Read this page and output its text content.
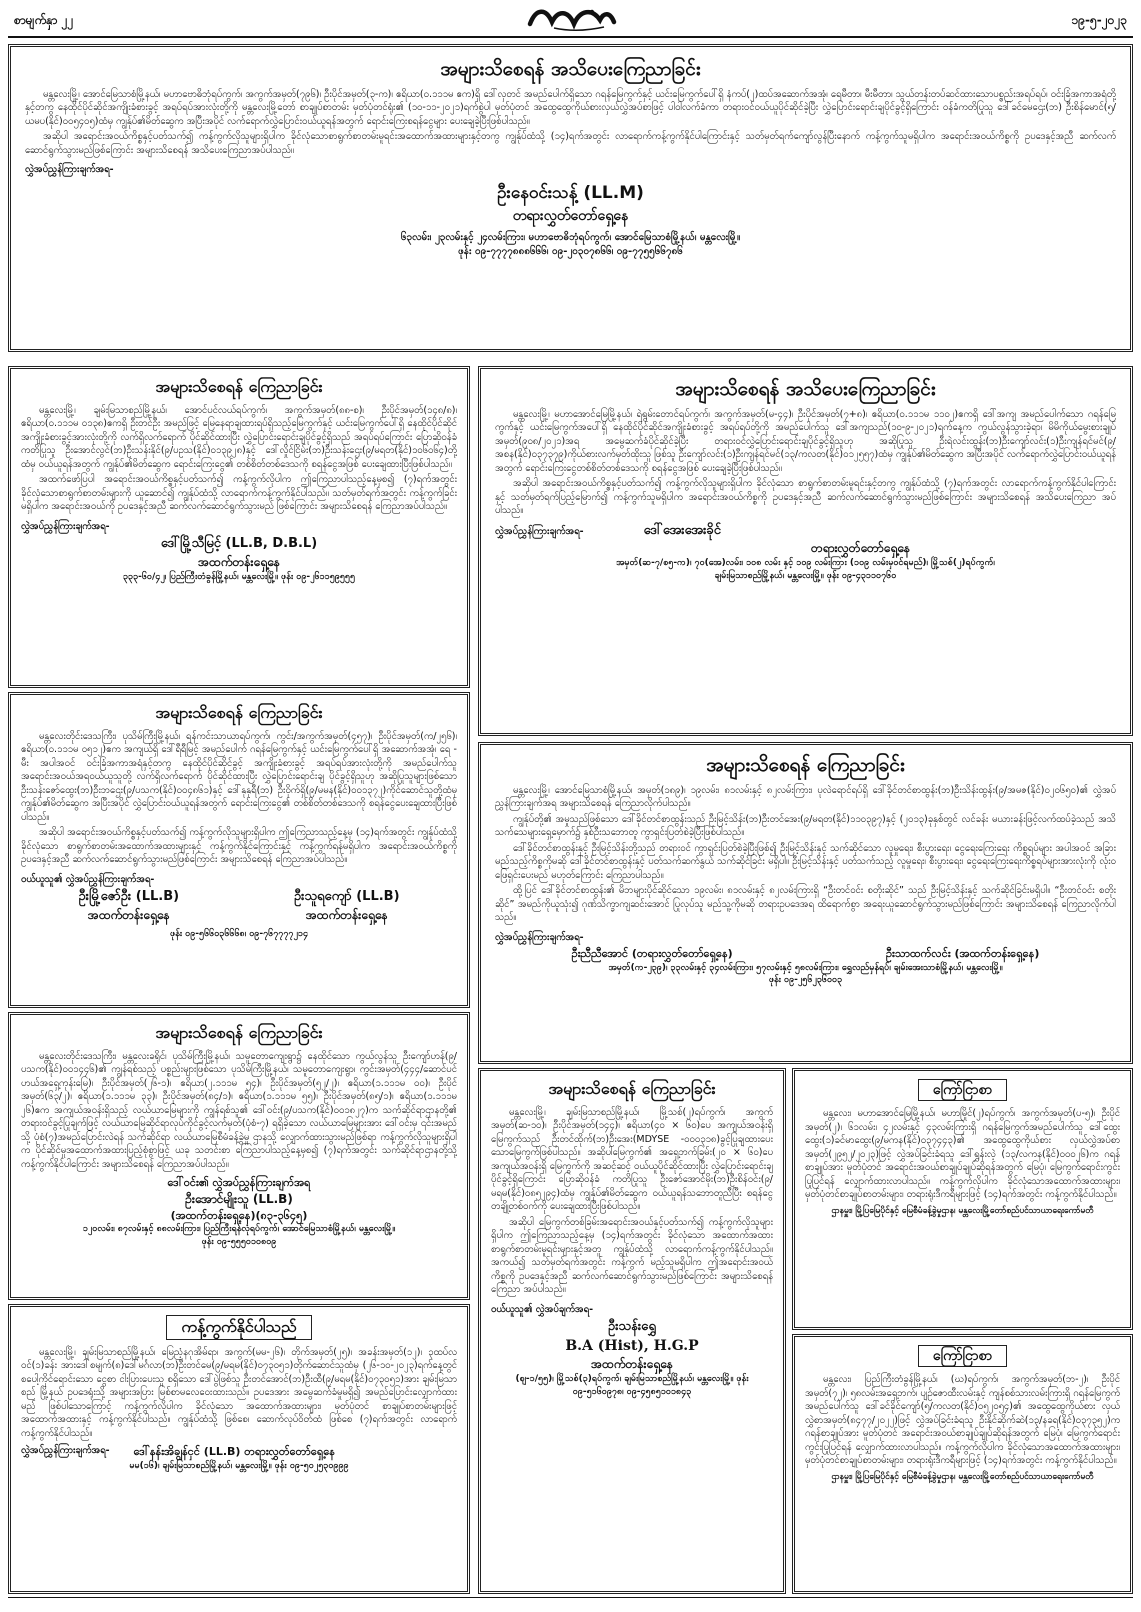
စာမျက်နှာ ၂၂	၁၉-၅-၂၀၂၃
အများသိစေရန် အသိပေးကြေညာခြင်း

မန္တလေးမြို့၊ အောင်မြေသာစံမြို့နယ်၊ မဟာဗောဓိဘုံရပ်ကွက်၊ အကွက်အမှတ်(၇၉၆)၊ ဦးပိုင်အမှတ်(၃-က)၊ ဧရိယာ(၀.၁၁၁မ ဧက)ရှိ ဒေါ်လှတင် အမည်ပေါက်ရှိသော ဂရန်မြေကွက်နှင့် ယင်းမြေကွက်ပေါ်ရှိ နံကပ်(၂)ထပ်အဆောက်အအုံ၊ ရေမီတာ၊ မီးမီတာ၊ သွယ်တန်းတပ်ဆင်ထားသောပစ္စည်းအရပ်ရပ်၊ ဝင်းခြံအကာအရံတို့နှင့်တကွ နေထိုင်ပိုင်ဆိုင်အကျိုးခံစားခွင့် အရပ်ရပ်အားလုံးတို့ကို မန္တလေးမြို့တော် စာချုပ်စာတမ်း မှတ်ပုံတင်ရုံး၏ (၁၀-၁၁-၂၀၂၁)ရက်စွဲပါ မှတ်ပုံတင် အထွေထွေကိုယ်စားလှယ်လွှဲအပ်စာဖြင့် ပါဝါလက်ခံကာ တရားဝင်ဝယ်ယူပိုင်ဆိုင်ခဲ့ပြီး လွှဲပြောင်းရောင်းချပိုင်ခွင့်ရှိကြောင်း ဝန်ခံကတိပြုသူ ဒေါ်ခင်မေဌေး(ဘ) ဦးစိန်မောင်(၅/ယမပ(နိုင်)၀၀၅၄၀၅)ထံမှ ကျွန်ုပ်၏မိတ်ဆွေက အပြီးအပိုင် လက်ရောက်လွှဲပြောင်းဝယ်ယူရန်အတွက် ရောင်းကြေးစရန်ငွေများ ပေးချေခဲ့ပြီးဖြစ်ပါသည်။

အဆိုပါ အရောင်းအဝယ်ကိစ္စနှင့်ပတ်သက်၍ ကန့်ကွက်လိုသူများရှိပါက ခိုင်လုံသောစာရွက်စာတမ်းမူရင်းအထောက်အထားများနှင့်တကွ ကျွန်ုပ်ထံသို့ (၁၄)ရက်အတွင်း လာရောက်ကန့်ကွက်နိုင်ပါကြောင်းနှင့် သတ်မှတ်ရက်ကျော်လွန်ပြီးနောက် ကန့်ကွက်သူမရှိပါက အရောင်းအဝယ်ကိစ္စကို ဥပဒေနှင့်အညီ ဆက်လက်ဆောင်ရွက်သွားမည်ဖြစ်ကြောင်း အများသိစေရန် အသိပေးကြေညာအပ်ပါသည်။

လွှဲအပ်ညွှန်ကြားချက်အရ-
ဦးနေဝင်းသန့် (LL.M)
တရားလွှတ်တော်ရှေ့နေ
၆၃လမ်း၊ ၂၃လမ်းနှင့် ၂၄လမ်းကြား၊ မဟာဗောဓိဘုံရပ်ကွက်၊ အောင်မြေသာစံမြို့နယ်၊ မန္တလေးမြို့။
ဖုန်း ၀၉-၇၇၇၇၈၈၈၆၆၆၊ ၀၉-၂၀၃၀၇၈၆၆၊ ၀၉-၇၇၅၅၆၆၇၈၆
အများသိစေရန် ကြေညာခြင်း

မန္တလေးမြို့၊ ချမ်းမြသာစည်မြို့နယ်၊ အောင်ပင်လယ်ရပ်ကွက်၊ အကွက်အမှတ်(၈၈-စ)၊ ဦးပိုင်အမှတ်(၁၄၈/၈)၊ ဧရိယာ(၀.၁၁၁မ ၀၁၃၈)ဧကရှိ ဦးတင်ဦး အမည်ဖြင့် မြေနေရာချထားရပ်ရှိသည့်မြေကွက်နှင့် ယင်းမြေကွက်ပေါ်ရှိ နေထိုင်ပိုင်ဆိုင် အကျိုးခံစားခွင့်အားလုံးတို့ကို လက်ရှိလက်ရောက် ပိုင်ဆိုင်ထားပြီး လွှဲပြောင်းရောင်းချပိုင်ခွင့်ရှိသည် အရပ်ရပ်ကြောင်း ပြောဆိုဝန်ခံကတိပြုသူ ဦးအောင်လွင်(ဘ)ဦးသန်းနိုင်(၉/ပဥသ(နိုင်)၀၁၃၉၂၈)နှင့် ဒေါ်လှိုင်ငြိမ်း(ဘ)ဦးသန်းဌေး(၉/မရတ(နိုင်)၁၀၆၀၆၄)တို့ထံမှ ဝယ်ယူရန်အတွက် ကျွန်ုပ်၏မိတ်ဆွေက ရောင်းကြေးငွေ၏ တစ်စိတ်တစ်ဒေသကို စရန်ငွေအဖြစ် ပေးချေထားပြီးဖြစ်ပါသည်။

အထက်ဖော်ပြပါ အရောင်းအဝယ်ကိစ္စနှင့်ပတ်သက်၍ ကန့်ကွက်လိုပါက ဤကြေညာပါသည့်နေ့မှစ၍ (၇)ရက်အတွင်း ခိုင်လုံသောစာရွက်စာတမ်းများကို ယူဆောင်၍ ကျွန်ုပ်ထံသို့ လာရောက်ကန့်ကွက်နိုင်ပါသည်။ သတ်မှတ်ရက်အတွင်း ကန့်ကွက်ခြင်းမရှိပါက အရောင်းအဝယ်ကို ဥပဒေနှင့်အညီ ဆက်လက်ဆောင်ရွက်သွားမည် ဖြစ်ကြောင်း အများသိစေရန် ကြေညာအပ်ပါသည်။

လွှဲအပ်ညွှန်ကြားချက်အရ-
ဒေါ်မြို့သီမြင့် (LL.B, D.B.L)
အထက်တန်းရှေ့နေ
၃၃၃-၆၀/၄၂၊ ပြည်ကြီးတံခွန်မြို့နယ်၊ မန္တလေးမြို့။ ဖုန်း ၀၉-၂၆၁၁၅၉၅၅၅
အများသိစေရန် ကြေညာခြင်း

မန္တလေးတိုင်းဒေသကြီး၊ ပုသိမ်ကြီးမြို့နယ်၊ ရန်ကင်းသာယာရပ်ကွက်၊ ကွင်း/အကွက်အမှတ်(၄၅၇)၊ ဦးပိုင်အမှတ်(က/၂၅၆)၊ ဧရိယာ(၀.၁၁၁မ ၀၅၁၂)ဧက အကျယ်ရှိ ဒေါ်ရီရီမြင့် အမည်ပေါက် ဂရန်မြေကွက်နှင့် ယင်းမြေကွက်ပေါ်ရှိ အဆောက်အအုံ၊ ရေ - မီး အပါအဝင် ဝင်းခြံအကာအရံနှင့်တကွ နေထိုင်ပိုင်ဆိုင်ခွင့် အကျိုးခံစားခွင့် အရပ်ရပ်အားလုံးတို့ကို အမည်ပေါက်သူ အရောင်းအဝယ်အရဝယ်ယူသူတို့ လက်ရှိလက်ရောက် ပိုင်ဆိုင်ထားပြီး လွှဲပြောင်းရောင်းချ ပိုင်ခွင့်ရှိသူဟု အဆိုပြုသူများဖြစ်သော ဦးသန်းဇော်ထွေး(ဘ)ဦးဘဌေး(၉/ပသက(နိုင်)၀၀၄၈၆၁)နှင့် ဒေါ်နုနုရီ(ဘ) ဦးဝိုက်ရှိ(၉/မမန(နိုင်)၀၀၁၃၇၂)ကိုင်ဆောင်သူတို့ထံမှ ကျွန်ုပ်၏မိတ်ဆွေက အပြီးအပိုင် လွှဲပြောင်းဝယ်ယူရန်အတွက် ရောင်းကြေးငွေ၏ တစ်စိတ်တစ်ဒေသကို စရန်ငွေပေးချေထားပြီးဖြစ်ပါသည်။

အဆိုပါ အရောင်းအဝယ်ကိစ္စနှင့်ပတ်သက်၍ ကန့်ကွက်လိုသူများရှိပါက ဤကြေညာသည့်နေ့မှ (၁၄)ရက်အတွင်း ကျွန်ုပ်ထံသို့ ခိုင်လုံသော စာရွက်စာတမ်းအထောက်အထားများနှင့် ကန့်ကွက်နိုင်ကြောင်းနှင့် ကန့်ကွက်ရန်မရှိပါက အရောင်းအဝယ်ကိစ္စကို ဥပဒေနှင့်အညီ ဆက်လက်ဆောင်ရွက်သွားမည်ဖြစ်ကြောင်း အများသိစေရန် ကြေညာအပ်ပါသည်။

ဝယ်ယူသူ၏ လွှဲအပ်ညွှန်ကြားချက်အရ-
ဦးမြို့ဇော်ဦး (LL.B)
အထက်တန်းရှေ့နေ
ဦးသူရကျော် (LL.B)
အထက်တန်းရှေ့နေ
ဖုန်း ၀၉-၅၆၆၀၃၆၆၆၈၊ ၀၉-၇၆၇၇၇၇၂၁၄
အများသိစေရန် ကြေညာခြင်း

မန္တလေးတိုင်းဒေသကြီး၊ မန္တလေးခရိုင်၊ ပုသိမ်ကြီးမြို့နယ်၊ သမူတောကျေးရွာ၌ နေထိုင်သော ကွယ်လွန်သူ ဦးကျော်ဟန်(၉/ပသက(နိုင်)၀၀၁၄၄၆)၏ ကျွန်ရစ်သည့် ပစ္စည်းများဖြစ်သော ပုသိမ်ကြီးမြို့နယ်၊ သမူတောကျေးရွာ၊ ကွင်းအမှတ်(၄၄၄/ဆောင်ပင်ဟယ်အရှေ့ကုန်းမြေ)၊ ဦးပိုင်အမှတ်(၂၆-၁)၊ ဧရိယာ(၂.၁၁၁မ ၅၄)၊ ဦးပိုင်အမှတ်(၅၂/၂)၊ ဧရိယာ(၁.၁၁၁မ ၀၀)၊ ဦးပိုင်အမှတ်(၆၃/၂)၊ ဧရိယာ(၁.၁၁၁မ ၃၃)၊ ဦးပိုင်အမှတ်(၈၄/၁)၊ ဧရိယာ(၁.၁၁၁မ ၅၅)၊ ဦးပိုင်အမှတ်(၈၅/၁)၊ ဧရိယာ(၁.၁၁၁မ ၂၆)ဧက အကျယ်အဝန်းရှိသည့် လယ်ယာမြေများကို ကျွန်ရစ်သူ၏ ဒေါ်ဝင်း(၉/ပသက(နိုင်)၀၀၁၈၂၇)က သက်ဆိုင်ရာဌာနတို့၏ တရားဝင်ခွင့်ပြုချက်ဖြင့် လယ်ယာမြေဆိုင်ရာလုပ်ကိုင်ခွင့်လက်မှတ်(ပုံစံ-၇) ရရှိခဲ့သော လယ်ယာမြေများအား ဒေါ်ဝင်းမှ ၎င်းအမည်သို့ ပုံစံ(၇)အမည်ပြောင်းလဲရန် သက်ဆိုင်ရာ လယ်ယာမြေစီမံခန့်ခွဲမှု ဌာနသို့ လျှောက်ထားသွားမည်ဖြစ်ရာ ကန့်ကွက်လိုသူများရှိပါက ပိုင်ဆိုင်မှုအထောက်အထားပြည့်စုံစွာဖြင့် ယခု သတင်းစာ ကြေညာပါသည့်နေ့မှစ၍ (၇)ရက်အတွင်း သက်ဆိုင်ရာဌာနတို့သို့ ကန့်ကွက်နိုင်ပါကြောင်း အများသိစေရန် ကြေညာအပ်ပါသည်။

ဒေါ်ဝင်း၏ လွှဲအပ်ညွှန်ကြားချက်အရ
ဦးအောင်မျိုးသူ (LL.B)
(အထက်တန်းရှေ့နေ)(၈၃-၃၆၄၅)
၁၂၀လမ်း၊ ၈၇လမ်းနှင့် ၈၈လမ်းကြား၊ ပြည်ကြီးရန်လုံရပ်ကွက်၊ အောင်မြေသာစံမြို့နယ်၊ မန္တလေးမြို့။
ဖုန်း ၀၉-၅၅၅၀၁၀၈၀၉
ကန့်ကွက်နိုင်ပါသည်

မန္တလေးမြို့၊ ချမ်းမြသာစည်မြို့နယ်၊ မြေညံ့နဂုအိမ်ရာ၊ အကွက်(မမ-၂၆)၊ တိုက်အမှတ်(၂၅)၊ အခန်းအမှတ်(၁၂)၊ ၃ထပ်လဝင်(၁)ခန်း အားဒေါ်စမျက်(၈)ဒေါ်မင်္ဂလာ(ဘ)ဦးတင်မေ(၉/မရမ(နိုင်)၀၇၃၀၅၁)တိုက်ဆောင်သူထံမှ (၂၆-၁၀-၂၀၂၃)ရက်နေ့တွင် စပေါ့ကိုင်ရောင်းသော ငွေစာ ငါးပြားပေးသူ စရှိသော ဒေါ်ပွဲဖြစ်သူ ဦးတင်အောင်(ဘ)ဦးထီ(၉/မရမ(နိုင်)၀၇၃၀၅၁)အား ချမ်းမြသာစည် မြို့နယ် ဥပဒေရုံးသို့ အများအပြား မြစ်စာမလေဝေးထားသည်။ ဥပဒေအား အမွေဆက်ခံမှုမရှိ၍ အမည်ပြောင်းလျှောက်ထားမည် ဖြစ်ပါသောကြောင့် ကန့်ကွက်လိုပါက ခိုင်လုံသော အထောက်အထားများ၊ မှတ်ပုံတင် စာချုပ်စာတမ်းများဖြင့် အထောက်အထားနှင့် ကန့်ကွက်နိုင်ပါသည်။ ကျွန်ုပ်ထံသို့ ဖြစ်စေ၊ ဆောက်လုပ်ဝိတ်ထံ ဖြစ်စေ (၇)ရက်အတွင်း လာရောက်ကန့်ကွက်နိုင်ပါသည်။

လွှဲအပ်ညွှန်ကြားချက်အရ- ဒေါ်နန်းအိချွန်ငှင် (LL.B) တရားလွှတ်တော်ရှေ့နေ
မမ(၁၆)၊ ချမ်းမြသာစည်မြို့နယ်၊ မန္တလေးမြို့။ ဖုန်း ၀၉-၅၀၂၅၃၀၉၉၉
အများသိစေရန် အသိပေးကြေညာခြင်း

မန္တလေးမြို့၊ မဟာအောင်မြေမြို့နယ်၊ ရဲရွမ်းတောင်ရပ်ကွက်၊ အကွက်အမှတ်(မ-၄၄)၊ ဦးပိုင်အမှတ်(၇+၈)၊ ဧရိယာ(၀.၁၁၁မ ၁၁၀၂)ဧကရှိ ဒေါ်အကျ အမည်ပေါက်သော ဂရန်မြေကွက်နှင့် ယင်းမြေကွက်အပေါ်ရှိ နေထိုင်ပိုင်ဆိုင်အကျိုးခံစားခွင့် အရပ်ရပ်တို့ကို အမည်ပေါက်သူ ဒေါ်အကျသည်(၁၀-၉-၂၀၂၁)ရက်နေ့က ကွယ်လွန်သွားခဲ့ရာ၊ မိမိကိုယ်မွေးစားချုပ်အမှတ်(၉၀၈/၂၀၂၁)အရ အမွေဆက်ခံပိုင်ဆိုင်ခဲ့ပြီး တရားဝင်လွှဲပြောင်းရောင်းချပိုင်ခွင့်ရှိသူဟု အဆိုပြုသူ ဦးရဲလင်းထွန်း(ဘ)ဦးကျော်လင်း(၁)ဦးကျန်ရင်မင်(၉/အစန(နိုင်)၀၃၇၃၇၉)ကိုယ်စားလက်မှတ်ထိုးသူ ဖြစ်သူ ဦးကျော်လင်း(၁)ဦးကျန်ရင်မင်(၁၃/ကလတ(နိုင်)၀၁၂၅၅၇)ထံမှ ကျွန်ုပ်၏မိတ်ဆွေက အပြီးအပိုင် လက်ရောက်လွှဲပြောင်းဝယ်ယူရန်အတွက် ရောင်းကြေးငွေတစ်စိတ်တစ်ဒေသကို စရန်ငွေအဖြစ် ပေးချေခဲ့ပြီးဖြစ်ပါသည်။

အဆိုပါ အရောင်းအဝယ်ကိစ္စနှင့်ပတ်သက်၍ ကန့်ကွက်လိုသူများရှိပါက ခိုင်လုံသော စာရွက်စာတမ်းမူရင်းနှင့်တကွ ကျွန်ုပ်ထံသို့ (၇)ရက်အတွင်း လာရောက်ကန့်ကွက်နိုင်ပါကြောင်းနှင့် သတ်မှတ်ရက်ပြည့်မြောက်၍ ကန့်ကွက်သူမရှိပါက အရောင်းအဝယ်ကိစ္စကို ဥပဒေနှင့်အညီ ဆက်လက်ဆောင်ရွက်သွားမည်ဖြစ်ကြောင်း အများသိစေရန် အသိပေးကြေညာ အပ်ပါသည်။

လွှဲအပ်ညွှန်ကြားချက်အရ-	ဒေါ်အေးအေးခိုင်
တရားလွှတ်တော်ရှေ့နေ
အမှတ်(ဆ-၇/စ၅-က)၊ ၇၀(အေ)လမ်း၊ ၁၀၈ လမ်း နှင့် ၁၀၉ လမ်းကြား (၁၀၉ လမ်းမှဝင်ရမည်)၊ မြို့သစ်(၂)ရပ်ကွက်၊
ချမ်းမြသာစည်မြို့နယ်၊ မန္တလေးမြို့။ ဖုန်း ၀၉-၄၃၁၁၀၇၆၀
အများသိစေရန် ကြေညာခြင်း

မန္တလေးမြို့၊ အောင်မြေသာစံမြို့နယ်၊ အမှတ်(၁၈၉)၊ ၁၉လမ်း၊ ၈၁လမ်းနှင့် ၈၂လမ်းကြား၊ ပုလဲရောင်ရပ်ရှိ ဒေါ်ခိုင်တင်စာထွန်း(ဘ)ဦးသိန်းထွန်း(၉/အမဇ(နိုင်)၀၂၀၆၅၀)၏ လွှဲအပ်ညွှန်ကြားချက်အရ အများသိစေရန် ကြေညာလိုက်ပါသည်။

ကျွန်ုပ်တို့၏ အမှုသည်ဖြစ်သော ဒေါ်ခိုင်တင်စာထွန်းသည် ဦးမြင့်သိန်း(ဘ)ဦးတင်အေး(၉/မရတ(နိုင်)၁၁၀၃၉၇)နှင့် (၂၀၁၃)ခုနှစ်တွင် လင်ခန်း မယားခန်းဖြင့်လက်ထပ်ခဲ့သည် အသိသက်သေများရှေ့မှောက်၌ နှစ်ဦးသဘောတူ ကွာရှင်းပြတ်စဲခဲ့ပြီးဖြစ်ပါသည်။

ဒေါ်ခိုင်တင်စာထွန်းနှင့် ဦးမြင့်သိန်းတို့သည် တရားဝင် ကွာရှင်းပြတ်စဲခဲ့ပြီးဖြစ်၍ ဦးမြင့်သိန်းနှင့် သက်ဆိုင်သော လူမှုရေး၊ စီးပွားရေး၊ ငွေရေးကြေးရေး ကိစ္စရပ်များ အပါအဝင် အခြားမည်သည့်ကိစ္စကိုမဆို ဒေါ်ခိုင်တင်စာထွန်းနှင့် ပတ်သက်ဆက်နွယ် သက်ဆိုင်ခြင်း မရှိပါ။ ဦးမြင့်သိန်းနှင့် ပတ်သက်သည့် လူမှုရေး၊ စီးပွားရေး၊ ငွေရေးကြေးရေးကိစ္စရပ်များအားလုံးကို လုံးဝဖြေရှင်းပေးမည် မဟုတ်ကြောင်း ကြေညာပါသည်။

ထို့ပြင် ဒေါ်ခိုင်တင်စာထွန်း၏ မိဘများပိုင်ဆိုင်သော ၁၉လမ်း၊ ၈၁လမ်းနှင့် ၈၂လမ်းကြားရှိ “ဦးတင်ဝင်း စတိုးဆိုင်” သည် ဦးမြင့်သိန်းနှင့် သက်ဆိုင်ခြင်းမရှိပါ။ “ဦးတင်ဝင်း စတိုးဆိုင်” အမည်ကိုယူသုံး၍ ဂုဏ်သိက္ခာကျဆင်းအောင် ပြုလုပ်သူ မည်သူ့ကိုမဆို တရားဥပဒေအရ ထိရောက်စွာ အရေးယူဆောင်ရွက်သွားမည်ဖြစ်ကြောင်း အများသိစေရန် ကြေညာလိုက်ပါသည်။

လွှဲအပ်ညွှန်ကြားချက်အရ-
ဦးညီညီအောင် (တရားလွှတ်တော်ရှေ့နေ)	ဦးသာထက်လင်း (အထက်တန်းရှေ့နေ)
အမှတ်(က-၂၃၉)၊ ၃၃လမ်းနှင့် ၃၄လမ်းကြား၊ ၅၇လမ်းနှင့် ၅၈လမ်းကြား၊ ရွှေလည်မှန်ရပ်၊ ချမ်းအေးသာစံမြို့နယ်၊ မန္တလေးမြို့။
ဖုန်း ၀၉-၂၅၆၂၃၆၀၀၃
အများသိစေရန် ကြေညာခြင်း

မန္တလေးမြို့၊ ချမ်းမြသာစည်မြို့နယ်၊ မြို့သစ်(၂)ရပ်ကွက်၊ အကွက်အမှတ်(ဆ-၁၀)၊ ဦးပိုင်အမှတ်(၁၄၄)၊ ဧရိယာ(၄၀ × ၆၀)ပေ အကျယ်အဝန်းရှိ မြေကွက်သည် ဦးတင်ထိုက်(ဘ)ဦးအေး(MDYSE -၀၀၀၃၁၈)ခွင့်ပြုချထားပေးသောမြေကွက်ဖြစ်ပါသည်။ အဆိုပါမြေကွက်၏ အရှေ့ဘက်ခြမ်း(၂၀ × ၆၀)ပေ အကျယ်အဝန်းရှိ မြေကွက်ကို အဆင့်ဆင့် ဝယ်ယူပိုင်ဆိုင်ထားပြီး လွှဲပြောင်းရောင်းချပိုင်ခွင့်ရှိကြောင်း ပြောဆိုဝန်ခံ ကတိပြုသူ ဦးဇော်အောင်မိုး(ဘ)ဦးစိန်ဝင်း(၉/မရမ(နိုင်)၀၈၅၂၉၄)ထံမှ ကျွန်ုပ်၏မိတ်ဆွေက ဝယ်ယူရန်သဘောတူညီပြီး စရန်ငွေ တချို့တစ်ဝက်ကို ပေးချေထားပြီးဖြစ်ပါသည်။

အဆိုပါ မြေကွက်တစ်ခြမ်းအရောင်းအဝယ်နှင့်ပတ်သက်၍ ကန့်ကွက်လိုသူများရှိပါက ဤကြေညာသည့်နေ့မှ (၁၄)ရက်အတွင်း ခိုင်လုံသော အထောက်အထား စာရွက်စာတမ်းမူရင်းများနှင့်အတူ ကျွန်ုပ်ထံသို့ လာရောက်ကန့်ကွက်နိုင်ပါသည်။ အကယ်၍ သတ်မှတ်ရက်အတွင်း ကန့်ကွက် မည့်သူမရှိပါက ဤအရောင်းအဝယ်ကိစ္စကို ဥပဒေနှင့်အညီ ဆက်လက်ဆောင်ရွက်သွားမည်ဖြစ်ကြောင်း အများသိစေရန် ကြေညာ အပ်ပါသည်။

ဝယ်ယူသူ၏ လွှဲအပ်ချက်အရ-
ဦးသန်းရွှေ
B.A (Hist), H.G.P
အထက်တန်းရှေ့နေ
(ဈ-၁/၅၅)၊ မြို့သစ်(၃)ရပ်ကွက်၊ ချမ်းမြသာစည်မြို့နယ်၊ မန္တလေးမြို့။ ဖုန်း ၀၉-၅၁၆၀၉၇၈၊ ၀၉-၄၅၈၅၁၀၁၈၄၃
ကြော်ငြာစာ

မန္တလေး၊ မဟာအောင်မြေမြို့နယ်၊ မဟာမြိုင်(၂)ရပ်ကွက်၊ အကွက်အမှတ်(ပ-၅)၊ ဦးပိုင်အမှတ်(၂)၊ ၆၁လမ်း၊ ၄၂လမ်းနှင့် ၄၃လမ်းကြားရှိ ဂရန်မြေကွက်အမည်ပေါက်သူ ဒေါ်ထွေးထွေး(၁)ခင်မာထွေး(၉/မကန(နိုင်)၀၃၇၄၄၃)၏ အထွေထွေကိုယ်စား လှယ်လွှဲအပ်စာ အမှတ်(၂၉၅၂/၂၀၂၃)ဖြင့် လွှဲအပ်ခြင်းခံရသူ ဒေါ်ရွှန်းလဲ့ (၁၃/လကန(နိုင်)၀၀၀၂၆)က ဂရန်စာချုပ်အား မူတ်ပုံတင် အရောင်းအဝယ်စာချုပ်ချုပ်ဆိုရန်အတွက် မြေပုံ၊ မြေကွက်ရောင်းကွင်းပြုပြင်ရန် လျှောက်ထားလာပါသည်။ ကန့်ကွက်လိုပါက ခိုင်လုံသောအထောက်အထားများ၊ မှတ်ပုံတင်စာချုပ်စာတမ်းများ၊ တရားရုံးဒီကရီများဖြင့် (၁၄)ရက်အတွင်း ကန့်ကွက်နိုင်ပါသည်။

ဌာနမှူး၊ မြို့ပြမြေပိုင်နှင့် မြေစီမံခန့်ခွဲမှုဌာန၊ မန္တလေးမြို့တော်စည်ပင်သာယာရေးကော်မတီ
ကြော်ငြာစာ

မန္တလေး၊ ပြည်ကြီးတံခွန်မြို့နယ်၊ (ဃ)ရပ်ကွက်၊ အကွက်အမှတ်(ဘ-၂)၊ ဦးပိုင်အမှတ်(၇၂)၊ ၅၈လမ်းအရှေ့ဘက်၊ ပျဉ်ဇောထီးလမ်းနှင့် ကျန်စစ်သားလမ်းကြားရှိ ဂရန်မြေကွက်အမည်ပေါက်သူ ဒေါ်ခင်ခိုင်ကျော်(၅/ကလတ(နိုင်)၀၅၂၀၅၄)၏ အထွေထွေကိုယ်စား လှယ်လွှဲစာအမှတ်(၈၄၇၇/၂၀၂၂)ဖြင့် လွှဲအပ်ခြင်းခံရသူ ဦးနိုင်ဆိုက်ဆဲ(၁၃/နခရ(နိုင်)၀၃၇၃၅၂)က ဂရန်စာချုပ်အား မူတ်ပုံတင် အရောင်းအဝယ်စာချုပ်ချုပ်ဆိုရန်အတွက် မြေပုံ၊ မြေကွက်ရောင်းကွင်းပြုပြင်ရန် လျှောက်ထားလာပါသည်။ ကန့်ကွက်လိုပါက ခိုင်လုံသောအထောက်အထားများ၊ မှတ်ပုံတင်စာချုပ်စာတမ်းများ၊ တရားရုံးဒီကရီများဖြင့် (၁၄)ရက်အတွင်း ကန့်ကွက်နိုင်ပါသည်။

ဌာနမှူး၊ မြို့ပြမြေပိုင်နှင့် မြေစီမံခန့်ခွဲမှုဌာန၊ မန္တလေးမြို့တော်စည်ပင်သာယာရေးကော်မတီ
